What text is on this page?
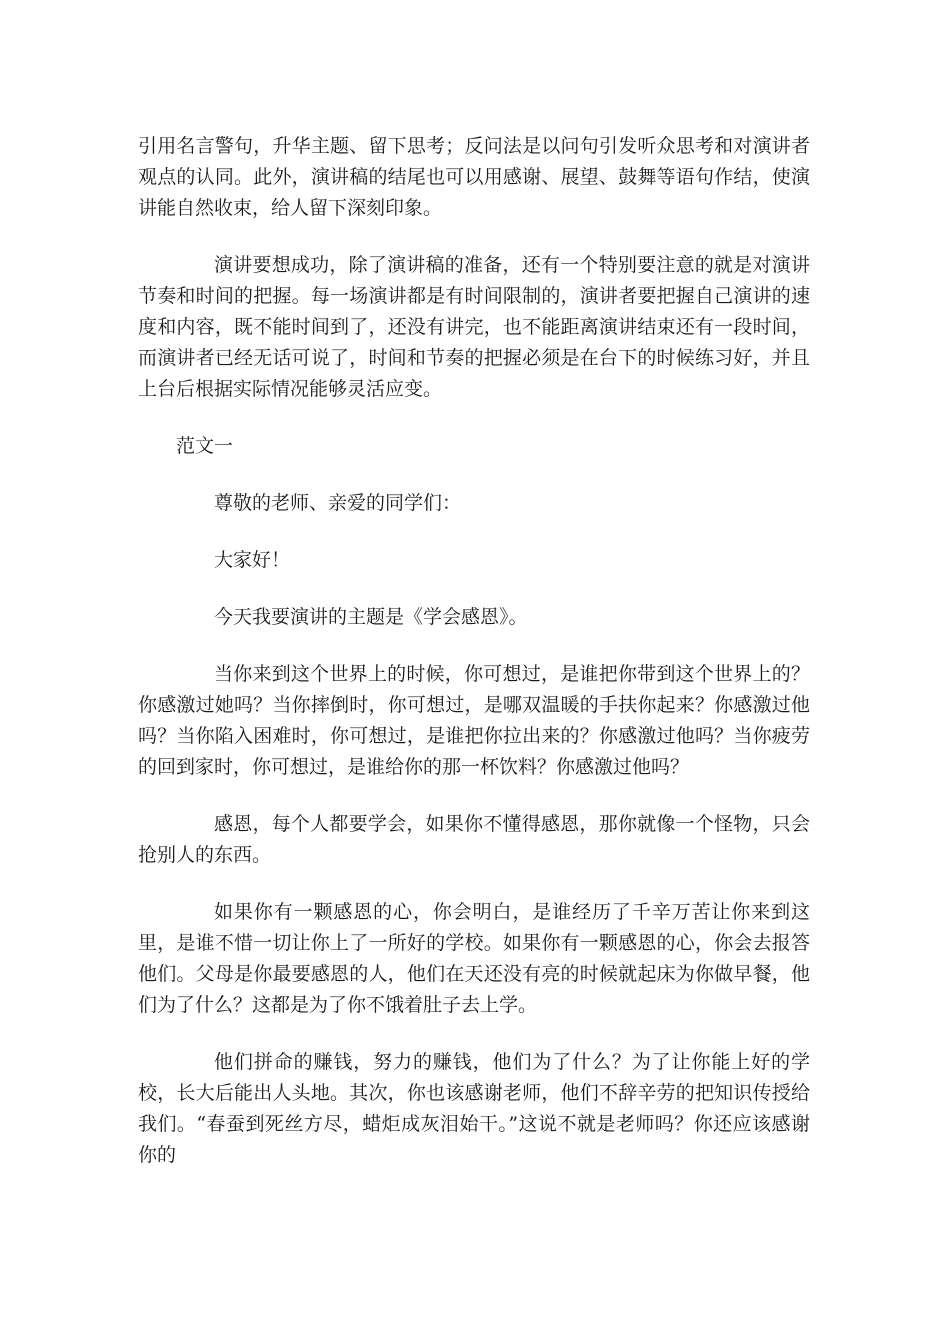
引用名言警句，升华主题、留下思考；反问法是以问句引发听众思考和对演讲者观点的认同。此外，演讲稿的结尾也可以用感谢、展望、鼓舞等语句作结，使演讲能自然收束，给人留下深刻印象。

演讲要想成功，除了演讲稿的准备，还有一个特别要注意的就是对演讲节奏和时间的把握。每一场演讲都是有时间限制的，演讲者要把握自己演讲的速度和内容，既不能时间到了，还没有讲完，也不能距离演讲结束还有一段时间，而演讲者已经无话可说了，时间和节奏的把握必须是在台下的时候练习好，并且上台后根据实际情况能够灵活应变。

范文一

尊敬的老师、亲爱的同学们：

大家好！

今天我要演讲的主题是《学会感恩》。

当你来到这个世界上的时候，你可想过，是谁把你带到这个世界上的？你感激过她吗？当你摔倒时，你可想过，是哪双温暖的手扶你起来？你感激过他吗？当你陷入困难时，你可想过，是谁把你拉出来的？你感激过他吗？当你疲劳的回到家时，你可想过，是谁给你的那一杯饮料？你感激过他吗？

感恩，每个人都要学会，如果你不懂得感恩，那你就像一个怪物，只会抢别人的东西。

如果你有一颗感恩的心，你会明白，是谁经历了千辛万苦让你来到这里，是谁不惜一切让你上了一所好的学校。如果你有一颗感恩的心，你会去报答他们。父母是你最要感恩的人，他们在天还没有亮的时候就起床为你做早餐，他们为了什么？这都是为了你不饿着肚子去上学。

他们拼命的赚钱，努力的赚钱，他们为了什么？为了让你能上好的学校，长大后能出人头地。其次，你也该感谢老师，他们不辞辛劳的把知识传授给我们。“春蚕到死丝方尽，蜡炬成灰泪始干。”这说不就是老师吗？你还应该感谢你的
